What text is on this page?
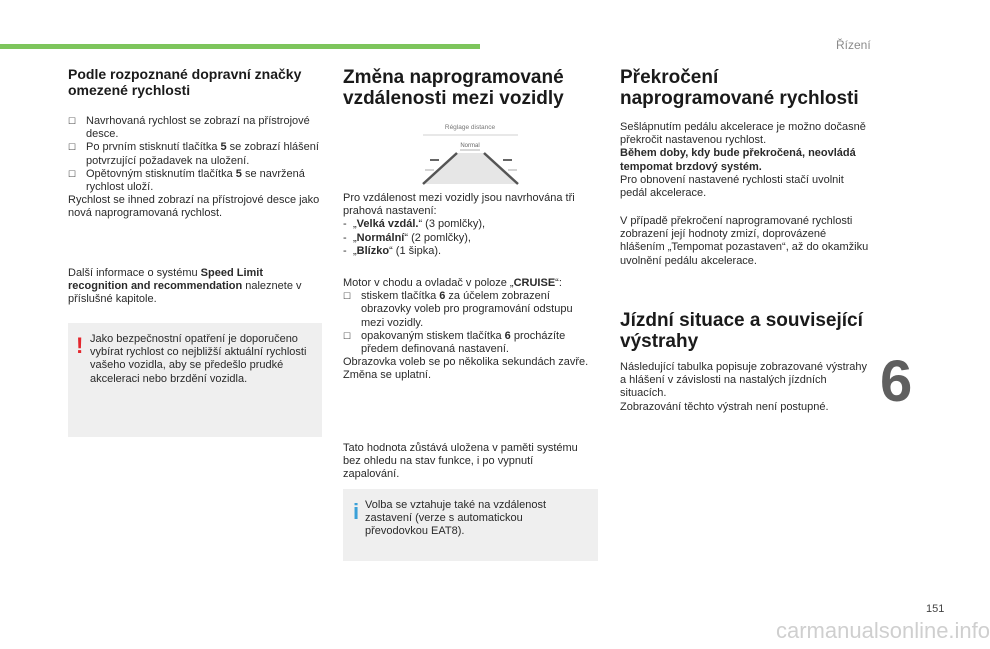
Řízení
6
151
carmanualsonline.info
Podle rozpoznané dopravní značky omezené rychlosti

☐ Navrhovaná rychlost se zobrazí na přístrojové desce.

☐ Po prvním stisknutí tlačítka 5 se zobrazí hlášení potvrzující požadavek na uložení.

☐ Opětovným stisknutím tlačítka 5 se navržená rychlost uloží.

Rychlost se ihned zobrazí na přístrojové desce jako nová naprogramovaná rychlost.

Další informace o systému Speed Limit recognition and recommendation naleznete v příslušné kapitole.

! Jako bezpečnostní opatření je doporučeno vybírat rychlost co nejbližší aktuální rychlosti vašeho vozidla, aby se předešlo prudké akceleraci nebo brzdění vozidla.
Změna naprogramované vzdálenosti mezi vozidly
Réglage distance
Normal

Pro vzdálenost mezi vozidly jsou navrhována tři prahová nastavení:

- „Velká vzdál.“ (3 pomlčky),

- „Normální“ (2 pomlčky),

- „Blízko“ (1 šipka).

Motor v chodu a ovladač v poloze „CRUISE“:

☐ stiskem tlačítka 6 za účelem zobrazení obrazovky voleb pro programování odstupu mezi vozidly.

☐ opakovaným stiskem tlačítka 6 procházíte předem definovaná nastavení.

Obrazovka voleb se po několika sekundách zavře.

Změna se uplatní.

Tato hodnota zůstává uložena v paměti systému bez ohledu na stav funkce, i po vypnutí zapalování.
i Volba se vztahuje také na vzdálenost zastavení (verze s automatickou převodovkou EAT8).
Překročení naprogramované rychlosti

Sešlápnutím pedálu akcelerace je možno dočasně překročit nastavenou rychlost.

Během doby, kdy bude překročená, neovládá tempomat brzdový systém.

Pro obnovení nastavené rychlosti stačí uvolnit pedál akcelerace.

V případě překročení naprogramované rychlosti zobrazení její hodnoty zmizí, doprovázené hlášením „Tempomat pozastaven“, až do okamžiku uvolnění pedálu akcelerace.
Jízdní situace a související výstrahy

Následující tabulka popisuje zobrazované výstrahy a hlášení v závislosti na nastalých jízdních situacích.

Zobrazování těchto výstrah není postupné.
